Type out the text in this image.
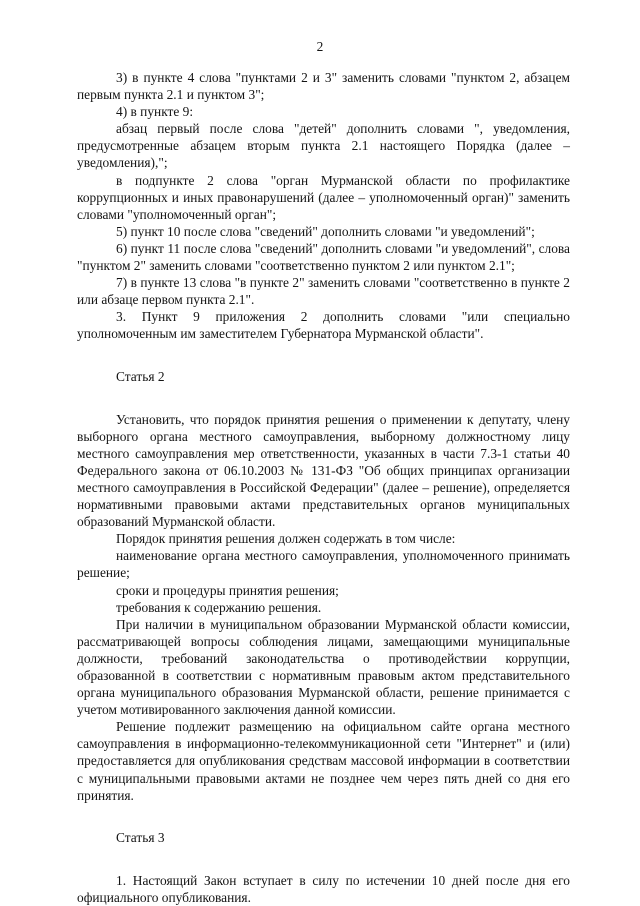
2

3) в пункте 4 слова "пунктами 2 и 3" заменить словами "пунктом 2, абзацем первым пункта 2.1 и пунктом 3";

4) в пункте 9:

абзац первый после слова "детей" дополнить словами ", уведомления, предусмотренные абзацем вторым пункта 2.1 настоящего Порядка (далее – уведомления),";

в подпункте 2 слова "орган Мурманской области по профилактике коррупционных и иных правонарушений (далее – уполномоченный орган)" заменить словами "уполномоченный орган";

5) пункт 10 после слова "сведений" дополнить словами "и уведомлений";

6) пункт 11 после слова "сведений" дополнить словами "и уведомлений", слова "пунктом 2" заменить словами "соответственно пунктом 2 или пунктом 2.1";

7) в пункте 13 слова "в пункте 2" заменить словами "соответственно в пункте 2 или абзаце первом пункта 2.1".

3. Пункт 9 приложения 2 дополнить словами "или специально уполномоченным им заместителем Губернатора Мурманской области".

Статья 2

Установить, что порядок принятия решения о применении к депутату, члену выборного органа местного самоуправления, выборному должностному лицу местного самоуправления мер ответственности, указанных в части 7.3-1 статьи 40 Федерального закона от 06.10.2003 № 131-ФЗ "Об общих принципах организации местного самоуправления в Российской Федерации" (далее – решение), определяется нормативными правовыми актами представительных органов муниципальных образований Мурманской области.

Порядок принятия решения должен содержать в том числе:

наименование органа местного самоуправления, уполномоченного принимать решение;

сроки и процедуры принятия решения;

требования к содержанию решения.

При наличии в муниципальном образовании Мурманской области комиссии, рассматривающей вопросы соблюдения лицами, замещающими муниципальные должности, требований законодательства о противодействии коррупции, образованной в соответствии с нормативным правовым актом представительного органа муниципального образования Мурманской области, решение принимается с учетом мотивированного заключения данной комиссии.

Решение подлежит размещению на официальном сайте органа местного самоуправления в информационно-телекоммуникационной сети "Интернет" и (или) предоставляется для опубликования средствам массовой информации в соответствии с муниципальными правовыми актами не позднее чем через пять дней со дня его принятия.

Статья 3

1. Настоящий Закон вступает в силу по истечении 10 дней после дня его официального опубликования.
